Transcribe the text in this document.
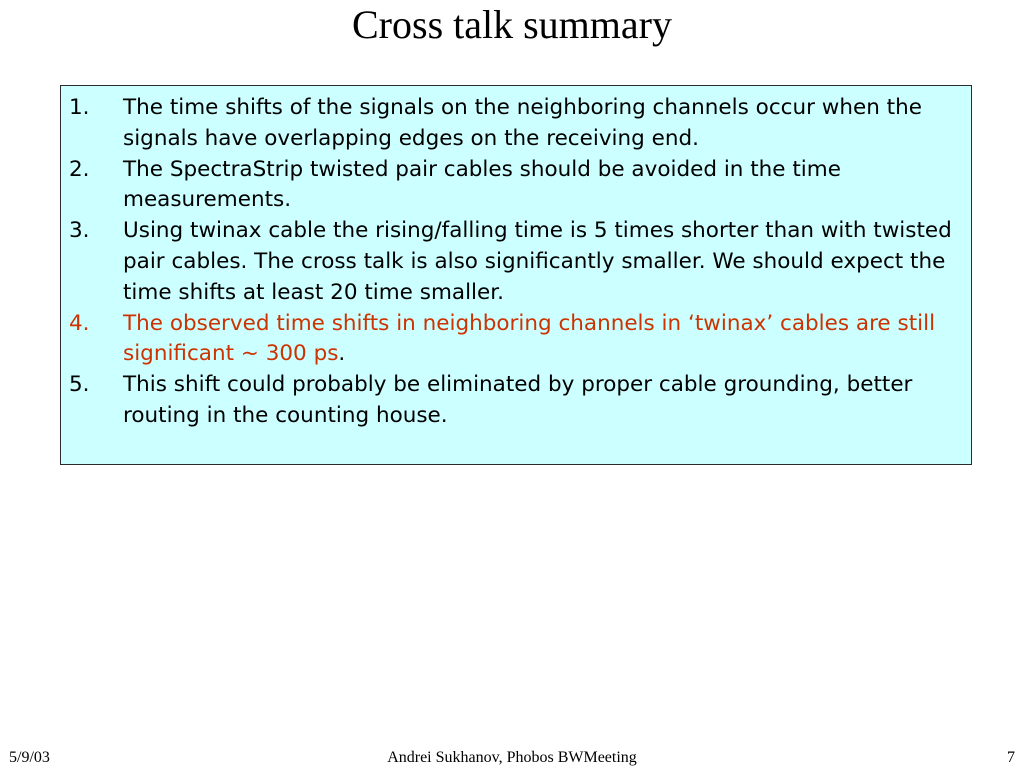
Cross talk summary
1.	The time shifts of the signals on the neighboring channels occur when the signals have overlapping edges on the receiving end.
2.	The SpectraStrip twisted pair cables should be avoided in the time measurements.
3.	Using twinax cable the rising/falling time is 5 times shorter than with twisted pair cables. The cross talk is also significantly smaller. We should expect the time shifts at least 20 time smaller.
4.	The observed time shifts in neighboring channels in ‘twinax’ cables are still significant ~ 300 ps.
5.	This shift could probably be eliminated by proper cable grounding, better routing in the counting house.
5/9/03	Andrei Sukhanov, Phobos BWMeeting	7
